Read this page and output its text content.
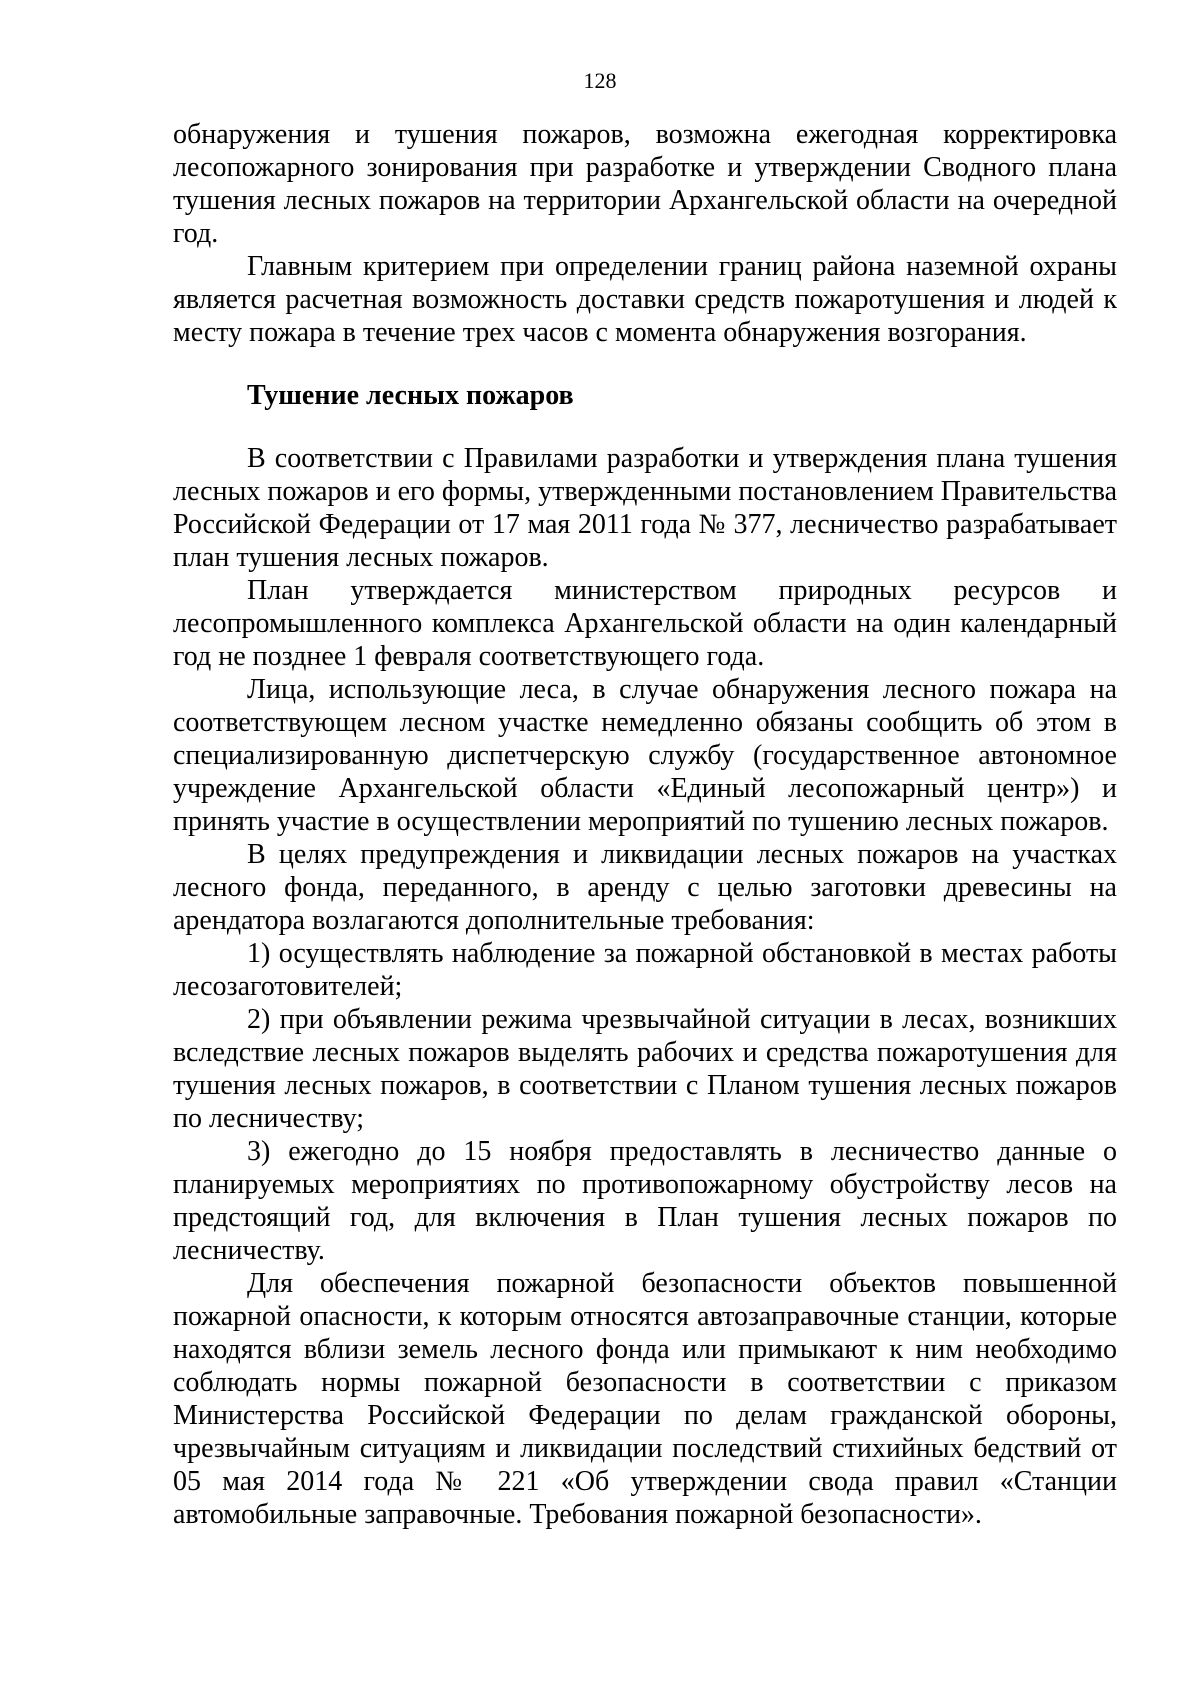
128

обнаружения и тушения пожаров, возможна ежегодная корректировка лесопожарного зонирования при разработке и утверждении Сводного плана тушения лесных пожаров на территории Архангельской области на очередной год.

Главным критерием при определении границ района наземной охраны является расчетная возможность доставки средств пожаротушения и людей к месту пожара в течение трех часов с момента обнаружения возгорания.

Тушение лесных пожаров

В соответствии с Правилами разработки и утверждения плана тушения лесных пожаров и его формы, утвержденными постановлением Правительства Российской Федерации от 17 мая 2011 года № 377, лесничество разрабатывает план тушения лесных пожаров.

План утверждается министерством природных ресурсов и лесопромышленного комплекса Архангельской области на один календарный год не позднее 1 февраля соответствующего года.

Лица, использующие леса, в случае обнаружения лесного пожара на соответствующем лесном участке немедленно обязаны сообщить об этом в специализированную диспетчерскую службу (государственное автономное учреждение Архангельской области «Единый лесопожарный центр») и принять участие в осуществлении мероприятий по тушению лесных пожаров.

В целях предупреждения и ликвидации лесных пожаров на участках лесного фонда, переданного, в аренду с целью заготовки древесины на арендатора возлагаются дополнительные требования:

1) осуществлять наблюдение за пожарной обстановкой в местах работы лесозаготовителей;

2) при объявлении режима чрезвычайной ситуации в лесах, возникших вследствие лесных пожаров выделять рабочих и средства пожаротушения для тушения лесных пожаров, в соответствии с Планом тушения лесных пожаров по лесничеству;

3) ежегодно до 15 ноября предоставлять в лесничество данные о планируемых мероприятиях по противопожарному обустройству лесов на предстоящий год, для включения в План тушения лесных пожаров по лесничеству.

Для обеспечения пожарной безопасности объектов повышенной пожарной опасности, к которым относятся автозаправочные станции, которые находятся вблизи земель лесного фонда или примыкают к ним необходимо соблюдать нормы пожарной безопасности в соответствии с приказом Министерства Российской Федерации по делам гражданской обороны, чрезвычайным ситуациям и ликвидации последствий стихийных бедствий от 05 мая 2014 года № 221 «Об утверждении свода правил «Станции автомобильные заправочные. Требования пожарной безопасности».
